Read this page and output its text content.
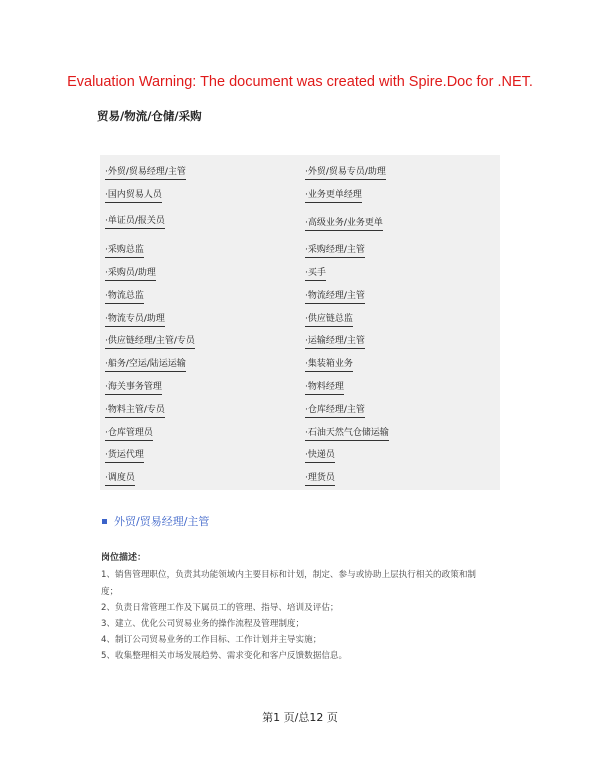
Evaluation Warning: The document was created with Spire.Doc for .NET.
贸易/物流/仓储/采购
·外贸/贸易经理/主管
·国内贸易人员
·单证员/报关员
·采购总监
·采购员/助理
·物流总监
·物流专员/助理
·供应链经理/主管/专员
·船务/空运/陆运运输
·海关事务管理
·物料主管/专员
·仓库管理员
·货运代理
·调度员
·外贸/贸易专员/助理
·业务更单经理
·高级业务/业务更单
·采购经理/主管
·买手
·物流经理/主管
·供应链总监
·运输经理/主管
·集装箱业务
·物料经理
·仓库经理/主管
·石油天然气仓储运输
·快递员
·理货员
外贸/贸易经理/主管
岗位描述：
1、销售管理职位，负责其功能领域内主要目标和计划，制定、参与或协助上层执行相关的政策和制
度；
2、负责日常管理工作及下属员工的管理、指导、培训及评估；
3、建立、优化公司贸易业务的操作流程及管理制度；
4、制订公司贸易业务的工作目标、工作计划并主导实施；
5、收集整理相关市场发展趋势、需求变化和客户反馈数据信息。
第1 页/总12 页
